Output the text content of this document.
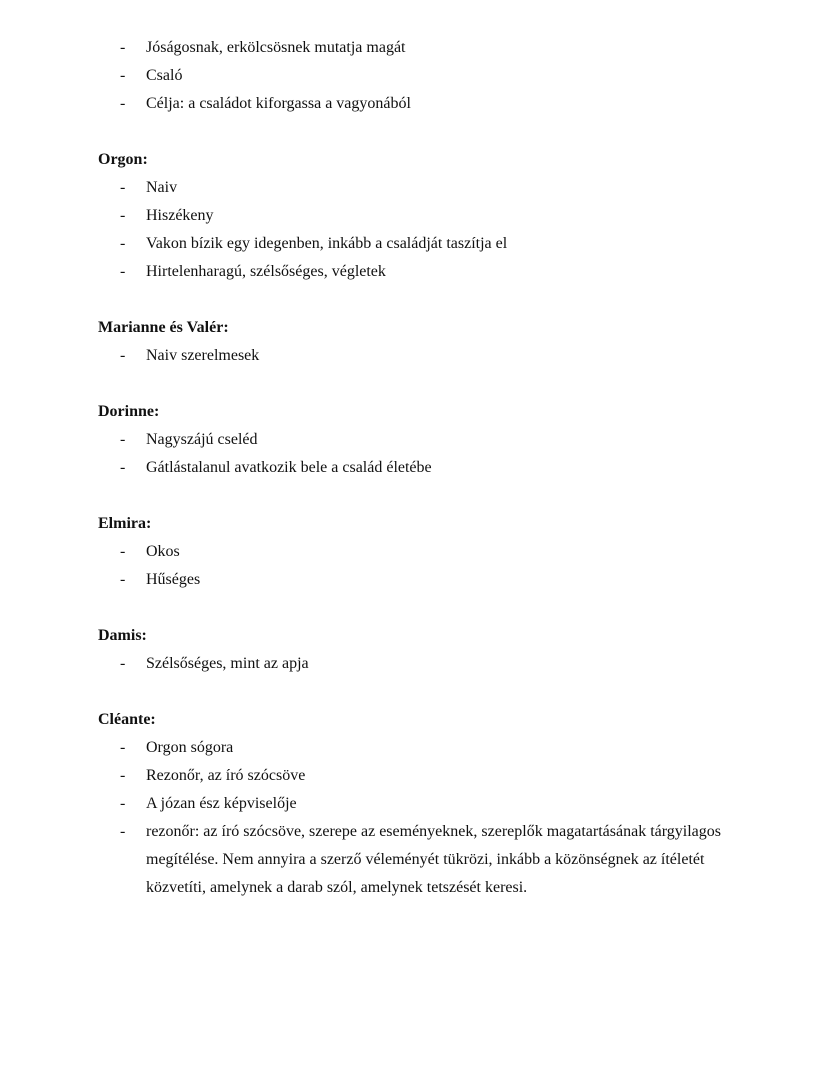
- Jóságosnak, erkölcsösnek mutatja magát
- Csaló
- Célja: a családot kiforgassa a vagyonából
Orgon:
- Naiv
- Hiszékeny
- Vakon bízik egy idegenben, inkább a családját taszítja el
- Hirtelenharagú, szélsőséges, végletek
Marianne és Valér:
- Naiv szerelmesek
Dorinne:
- Nagyszájú cseléd
- Gátlástalanul avatkozik bele a család életébe
Elmira:
- Okos
- Hűséges
Damis:
- Szélsőséges, mint az apja
Cléante:
- Orgon sógora
- Rezonőr, az író szócsöve
- A józan ész képviselője
- rezonőr: az író szócsöve, szerepe az eseményeknek, szereplők magatartásának tárgyilagos megítélése. Nem annyira a szerző véleményét tükrözi, inkább a közönségnek az ítéletét közvetíti, amelynek a darab szól, amelynek tetszését keresi.
